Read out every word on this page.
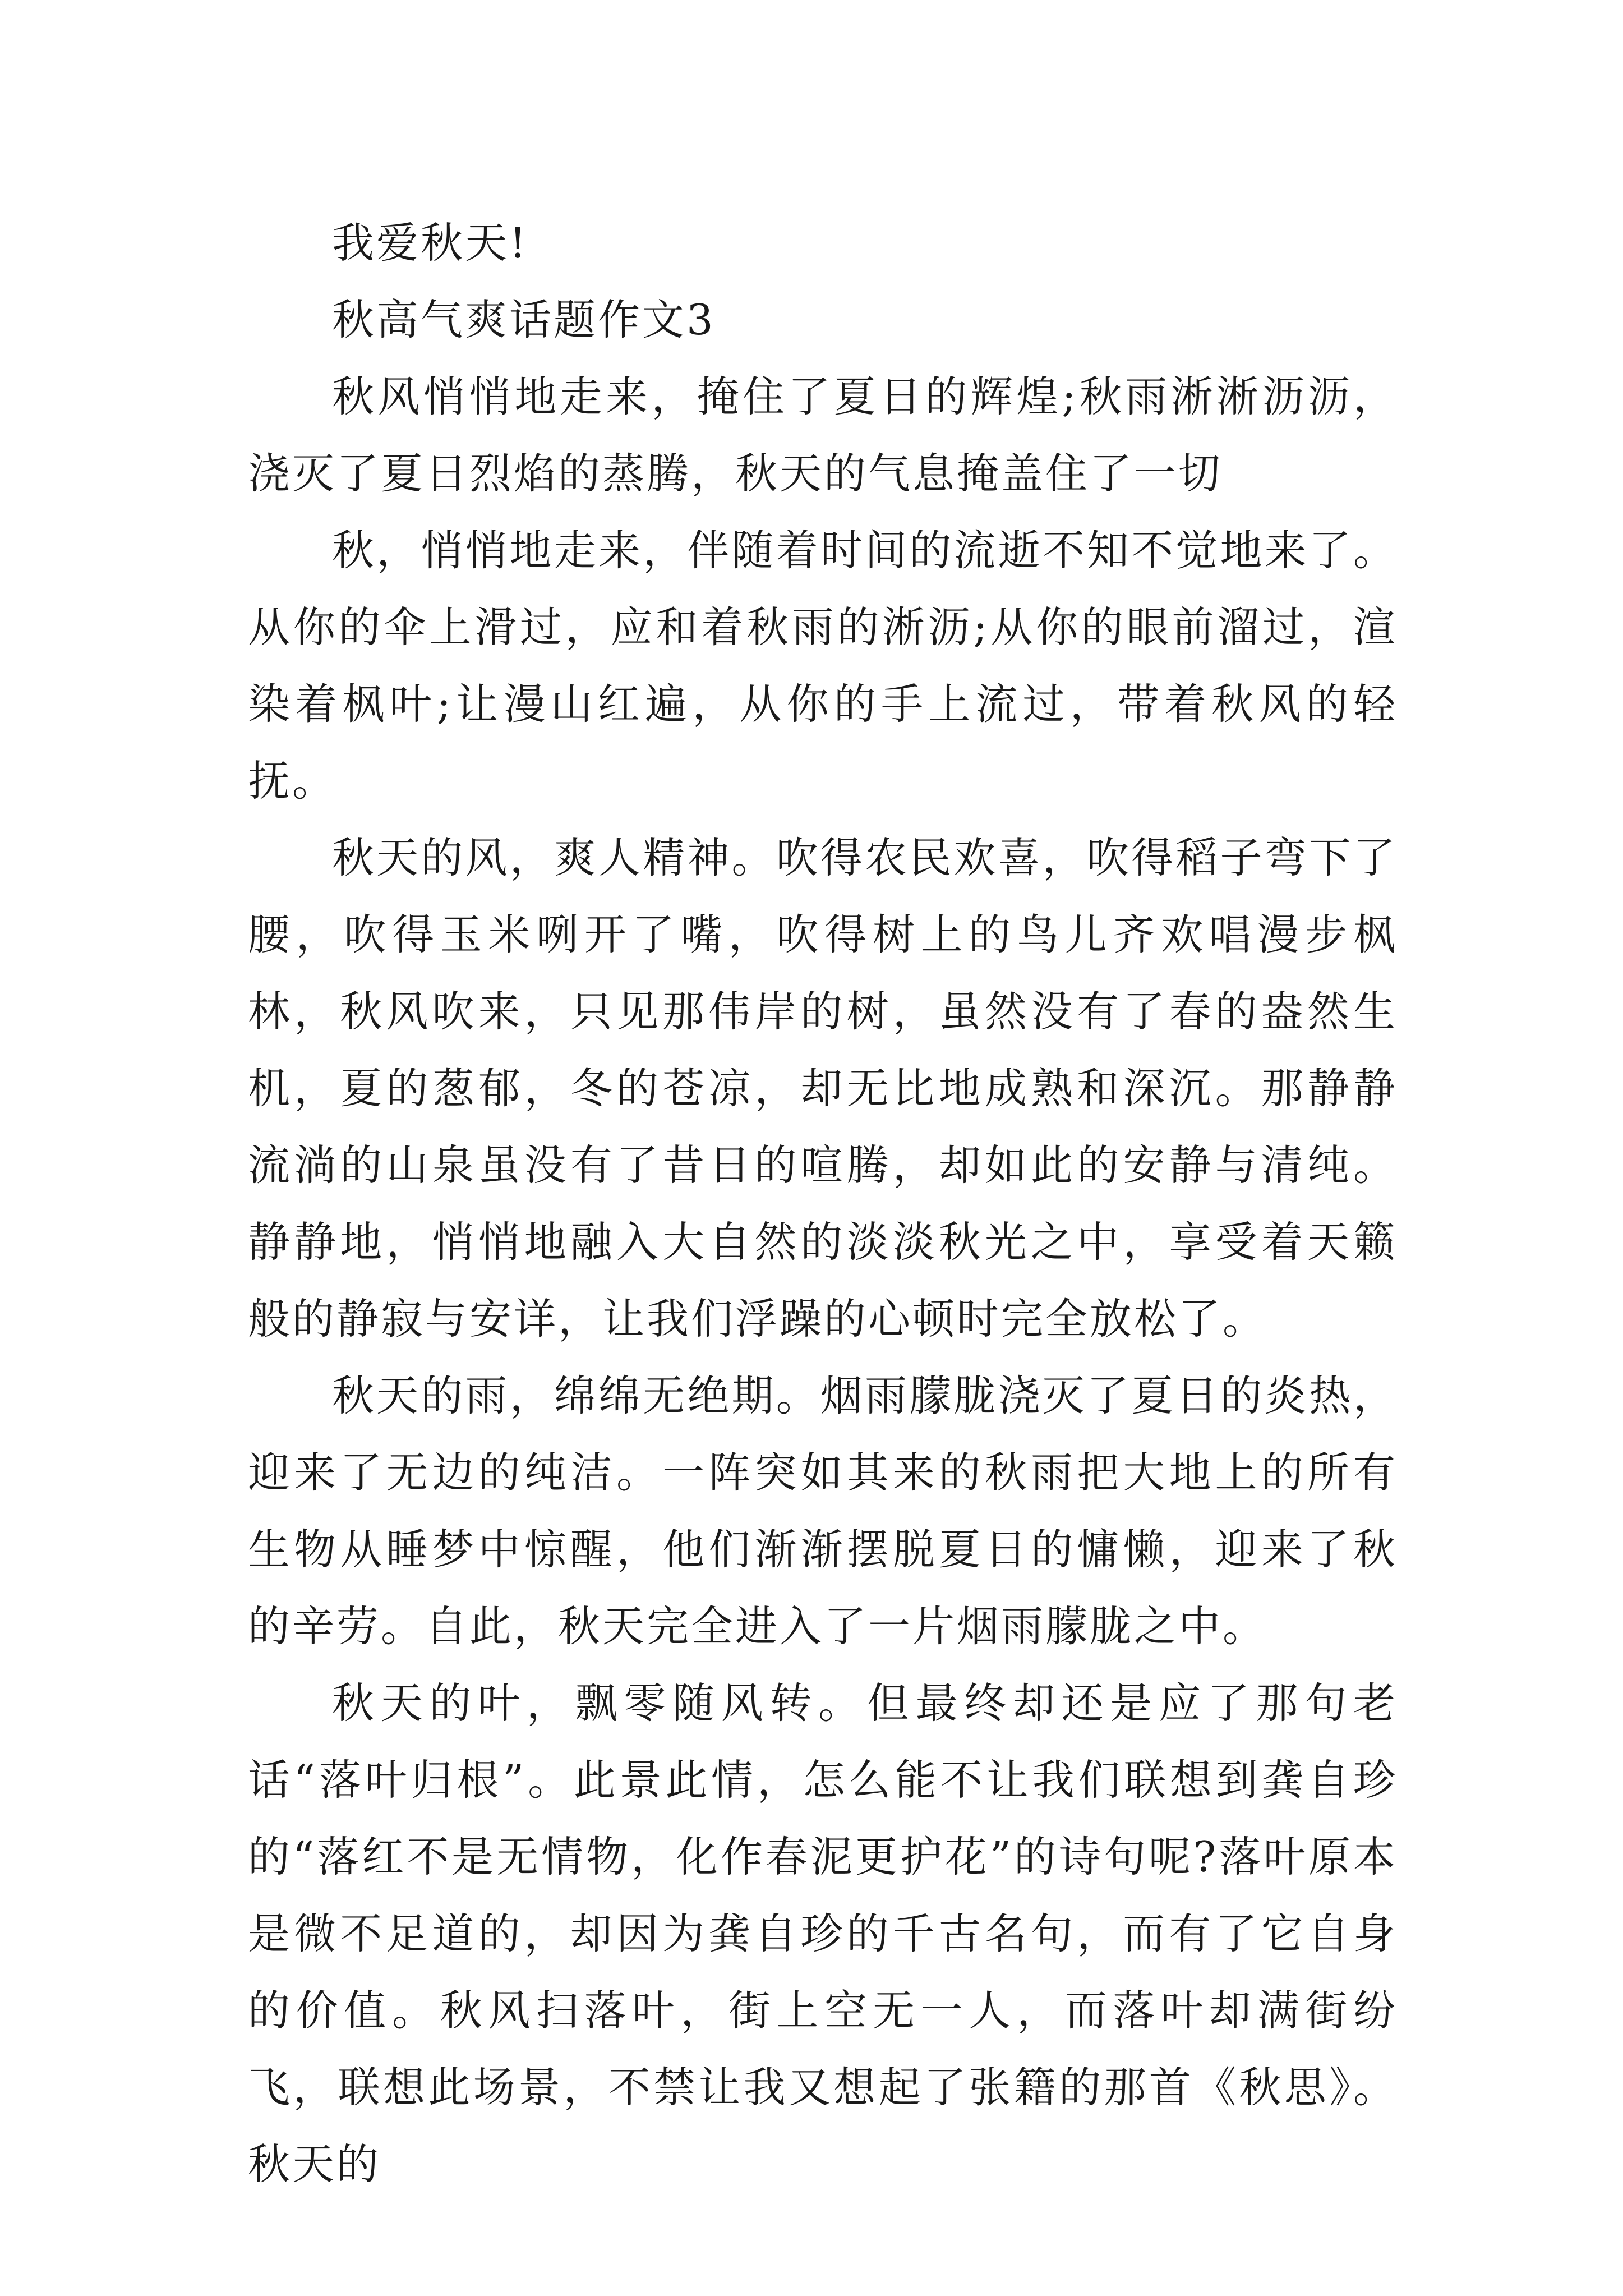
我爱秋天!

秋高气爽话题作文3

秋风悄悄地走来，掩住了夏日的辉煌;秋雨淅淅沥沥，浇灭了夏日烈焰的蒸腾，秋天的气息掩盖住了一切

秋，悄悄地走来，伴随着时间的流逝不知不觉地来了。从你的伞上滑过，应和着秋雨的淅沥;从你的眼前溜过，渲染着枫叶;让漫山红遍，从你的手上流过，带着秋风的轻抚。

秋天的风，爽人精神。吹得农民欢喜，吹得稻子弯下了腰，吹得玉米咧开了嘴，吹得树上的鸟儿齐欢唱漫步枫林，秋风吹来，只见那伟岸的树，虽然没有了春的盎然生机，夏的葱郁，冬的苍凉，却无比地成熟和深沉。那静静流淌的山泉虽没有了昔日的喧腾，却如此的安静与清纯。静静地，悄悄地融入大自然的淡淡秋光之中，享受着天籁般的静寂与安详，让我们浮躁的心顿时完全放松了。

秋天的雨，绵绵无绝期。烟雨朦胧浇灭了夏日的炎热，迎来了无边的纯洁。一阵突如其来的秋雨把大地上的所有生物从睡梦中惊醒，他们渐渐摆脱夏日的慵懒，迎来了秋的辛劳。自此，秋天完全进入了一片烟雨朦胧之中。

秋天的叶，飘零随风转。但最终却还是应了那句老话“落叶归根”。此景此情，怎么能不让我们联想到龚自珍的“落红不是无情物，化作春泥更护花”的诗句呢?落叶原本是微不足道的，却因为龚自珍的千古名句，而有了它自身的价值。秋风扫落叶，街上空无一人，而落叶却满街纷飞，联想此场景，不禁让我又想起了张籍的那首《秋思》。秋天的
